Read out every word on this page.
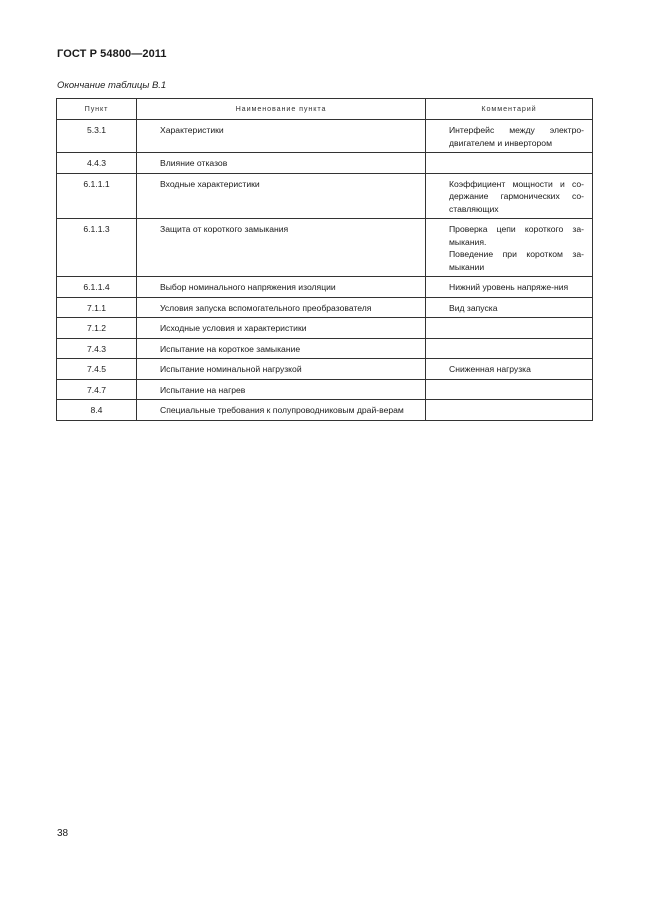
ГОСТ Р 54800—2011
Окончание таблицы В.1
Пункт	Наименование пункта	Комментарий
5.3.1	Характеристики	Интерфейс между электро-двигателем и инвертором

4.4.3	Влияние отказов	
6.1.1.1	Входные характеристики	Коэффициент мощности и со-держание гармонических со-ставляющих

6.1.1.3	Защита от короткого замыкания	Проверка цепи короткого за-мыкания.
Поведение при коротком за-мыкании

6.1.1.4	Выбор номинального напряжения изоляции	Нижний уровень напряже-ния

7.1.1	Условия запуска вспомогательного преобразователя	Вид запуска

7.1.2	Исходные условия и характеристики	
7.4.3	Испытание на короткое замыкание	
7.4.5	Испытание номинальной нагрузкой	Сниженная нагрузка

7.4.7	Испытание на нагрев	
8.4	Специальные требования к полупроводниковым драй-верам	
38
